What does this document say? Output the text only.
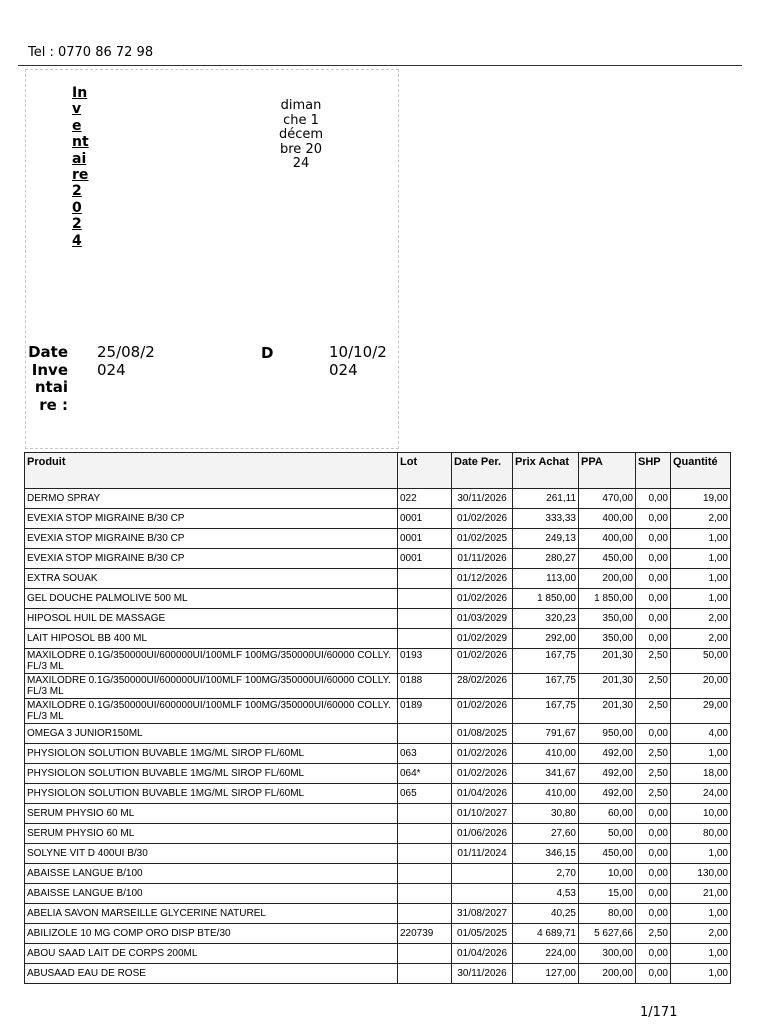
Tel : 0770 86 72 98
Inventaire 2024
dimanche 1 décembre 2024
Date Inventaire :
25/08/2024
D	10/10/2024
Produit	Lot	Date Per.	Prix Achat	PPA	SHP	Quantité
DERMO SPRAY	022	30/11/2026	261,11	470,00	0,00	19,00
EVEXIA STOP MIGRAINE B/30 CP	0001	01/02/2026	333,33	400,00	0,00	2,00
EVEXIA STOP MIGRAINE B/30 CP	0001	01/02/2025	249,13	400,00	0,00	1,00
EVEXIA STOP MIGRAINE B/30 CP	0001	01/11/2026	280,27	450,00	0,00	1,00
EXTRA SOUAK		01/12/2026	113,00	200,00	0,00	1,00
GEL DOUCHE PALMOLIVE 500 ML		01/02/2026	1 850,00	1 850,00	0,00	1,00
HIPOSOL HUIL DE MASSAGE		01/03/2029	320,23	350,00	0,00	2,00
LAIT HIPOSOL BB 400 ML		01/02/2029	292,00	350,00	0,00	2,00
MAXILODRE 0.1G/350000UI/600000UI/100MLF 100MG/350000UI/60000 COLLY. FL/3 ML	0193	01/02/2026	167,75	201,30	2,50	50,00
MAXILODRE 0.1G/350000UI/600000UI/100MLF 100MG/350000UI/60000 COLLY. FL/3 ML	0188	28/02/2026	167,75	201,30	2,50	20,00
MAXILODRE 0.1G/350000UI/600000UI/100MLF 100MG/350000UI/60000 COLLY. FL/3 ML	0189	01/02/2026	167,75	201,30	2,50	29,00
OMEGA 3 JUNIOR150ML		01/08/2025	791,67	950,00	0,00	4,00
PHYSIOLON SOLUTION BUVABLE 1MG/ML SIROP FL/60ML	063	01/02/2026	410,00	492,00	2,50	1,00
PHYSIOLON SOLUTION BUVABLE 1MG/ML SIROP FL/60ML	064*	01/02/2026	341,67	492,00	2,50	18,00
PHYSIOLON SOLUTION BUVABLE 1MG/ML SIROP FL/60ML	065	01/04/2026	410,00	492,00	2,50	24,00
SERUM PHYSIO 60 ML		01/10/2027	30,80	60,00	0,00	10,00
SERUM PHYSIO 60 ML		01/06/2026	27,60	50,00	0,00	80,00
SOLYNE VIT D 400UI B/30		01/11/2024	346,15	450,00	0,00	1,00
ABAISSE LANGUE B/100			2,70	10,00	0,00	130,00
ABAISSE LANGUE B/100			4,53	15,00	0,00	21,00
ABELIA SAVON MARSEILLE GLYCERINE NATUREL		31/08/2027	40,25	80,00	0,00	1,00
ABILIZOLE 10 MG COMP ORO DISP BTE/30	220739	01/05/2025	4 689,71	5 627,66	2,50	2,00
ABOU SAAD LAIT DE CORPS 200ML		01/04/2026	224,00	300,00	0,00	1,00
ABUSAAD EAU DE ROSE		30/11/2026	127,00	200,00	0,00	1,00
1/171
